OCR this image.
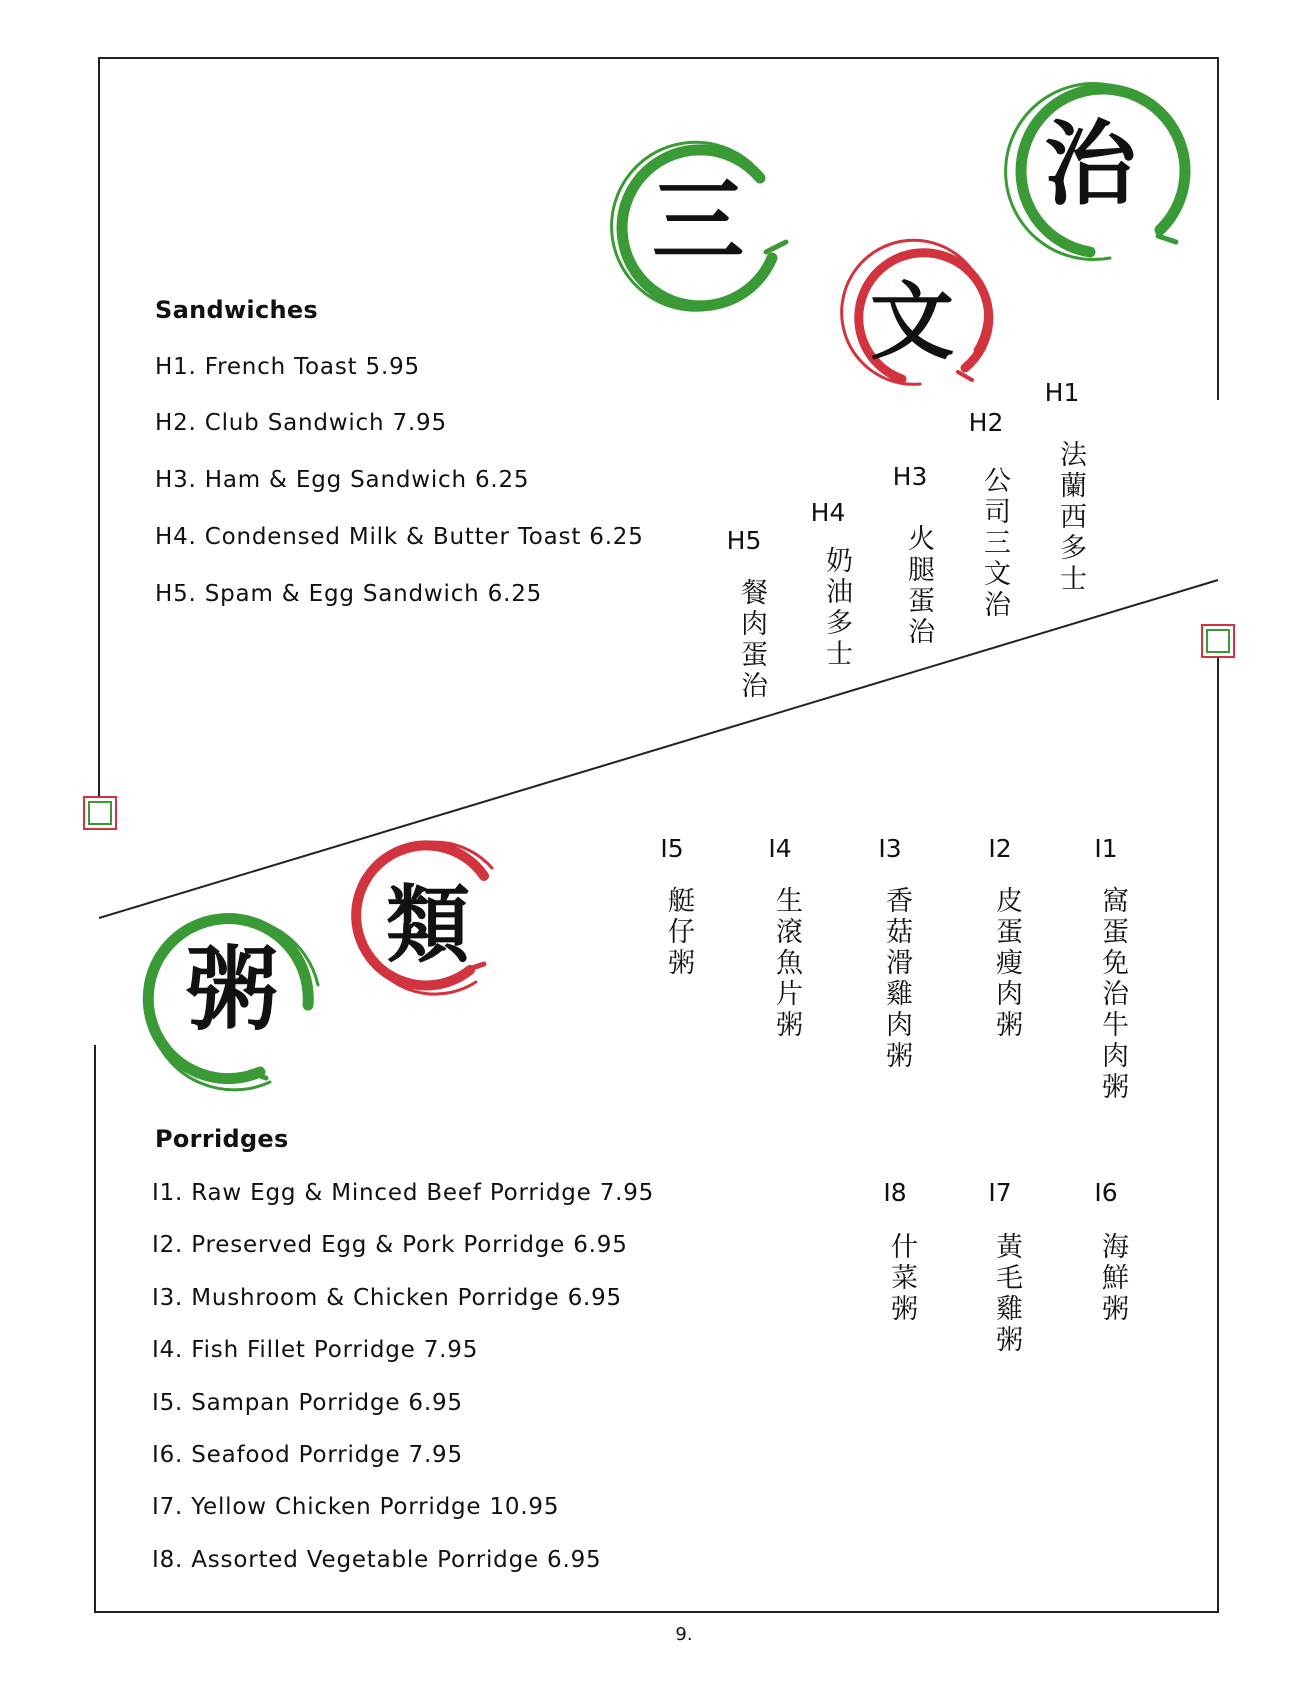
三
文
治
粥
類
Sandwiches
H1. French Toast 5.95
H2. Club Sandwich 7.95
H3. Ham & Egg Sandwich 6.25
H4. Condensed Milk & Butter Toast 6.25
H5. Spam & Egg Sandwich 6.25
H1
法蘭西多士
H2
公司三文治
H3
火腿蛋治
H4
奶油多士
H5
餐肉蛋治
I1
窩蛋免治牛肉粥
I2
皮蛋瘦肉粥
I3
香菇滑雞肉粥
I4
生滾魚片粥
I5
艇仔粥
I6
海鮮粥
I7
黃毛雞粥
I8
什菜粥
Porridges
I1. Raw Egg & Minced Beef Porridge 7.95
I2. Preserved Egg & Pork Porridge 6.95
I3. Mushroom & Chicken Porridge 6.95
I4. Fish Fillet Porridge 7.95
I5. Sampan Porridge 6.95
I6. Seafood Porridge 7.95
I7. Yellow Chicken Porridge 10.95
I8. Assorted Vegetable Porridge 6.95
9.
